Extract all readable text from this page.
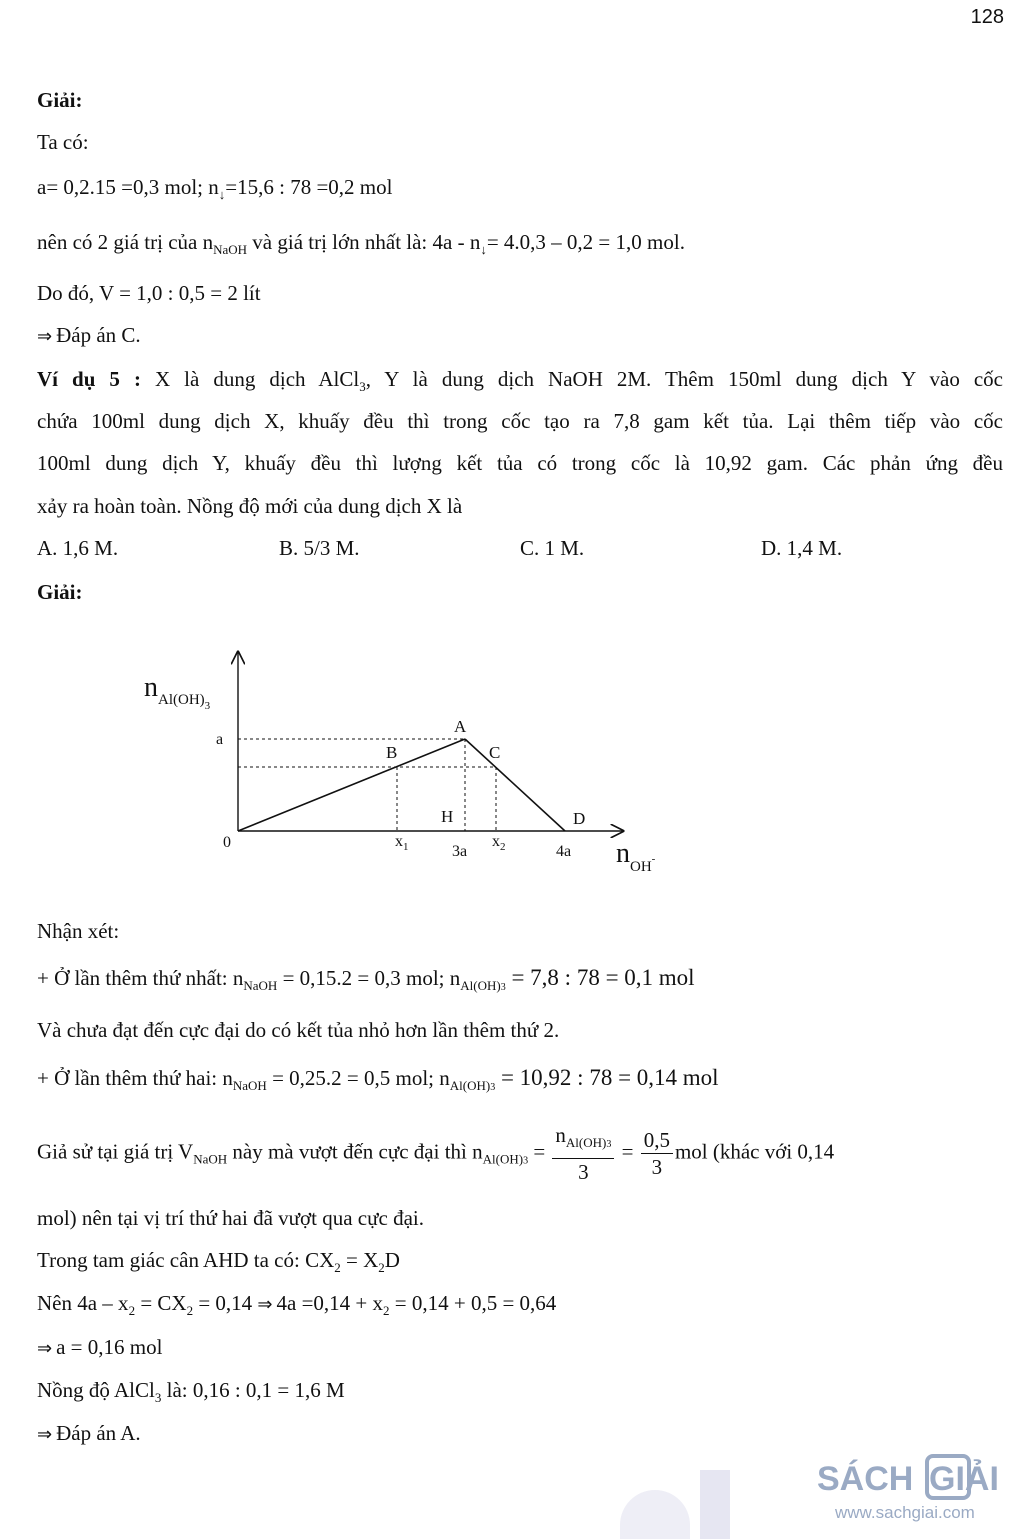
128
Giải:
Ta có:
a= 0,2.15 =0,3 mol; $n_↓=15,6$ : 78 =0,2 mol
nên có 2 giá trị của $n_{NaOH}$ và giá trị lớn nhất là: $4a - n_↓= 4.0,3 - 0,2 = 1,0$ mol.
Do đó, V = 1,0 : 0,5 = 2 lít
⇒ Đáp án C.
Ví dụ 5 : X là dung dịch AlCl$_3$, Y là dung dịch NaOH 2M. Thêm 150ml dung dịch Y vào cốc
chứa 100ml dung dịch X, khuấy đều thì trong cốc tạo ra 7,8 gam kết tủa. Lại thêm tiếp vào cốc
100ml dung dịch Y, khuấy đều thì lượng kết tủa có trong cốc là 10,92 gam. Các phản ứng đều
xảy ra hoàn toàn. Nồng độ mới của dung dịch X là
A. 1,6 M.	B. 5/3 M.	C. 1 M.	D. 1,4 M.
Giải:
$n_{Al(OH)}3$
$n_{OH}^-$
0
a
$x_1$	3a
$x_2$	4a
A
B	C
D
H
Nhận xét:
+ Ở lần thêm thứ nhất: $n_{NaOH} = 0,15.2 = 0,3$ mol; $n_{Al(OH)3} = 7,8$ : 78 = 0,1 mol
Và chưa đạt đến cực đại do có kết tủa nhỏ hơn lần thêm thứ 2.
+ Ở lần thêm thứ hai: $n_{NaOH} = 0,25.2 = 0,5$ mol; $n_{Al(OH)3} = 10,92$ : 78 = 0,14 mol
Giả sử tại giá trị $V_{NaOH}$ này mà vượt đến cực đại thì $n_{Al(OH)3} = \frac{n_{Al(OH)3}}{3} = \frac{0,5}{3}$ mol (khác với 0,14
mol) nên tại vị trí thứ hai đã vượt qua cực đại.
Trong tam giác cân AHD ta có: $CX_2 = X_2D$
Nên $4a - x_2 = CX_2 = 0,14$ ⇒ $4a =0,14 + x_2 = 0,14 + 0,5 = 0,64$
⇒ a = 0,16 mol
Nồng độ AlCl$_3$ là: 0,16 : 0,1 = 1,6 M
⇒ Đáp án A.
SÁCH GIẢI
www.sachgiai.com
